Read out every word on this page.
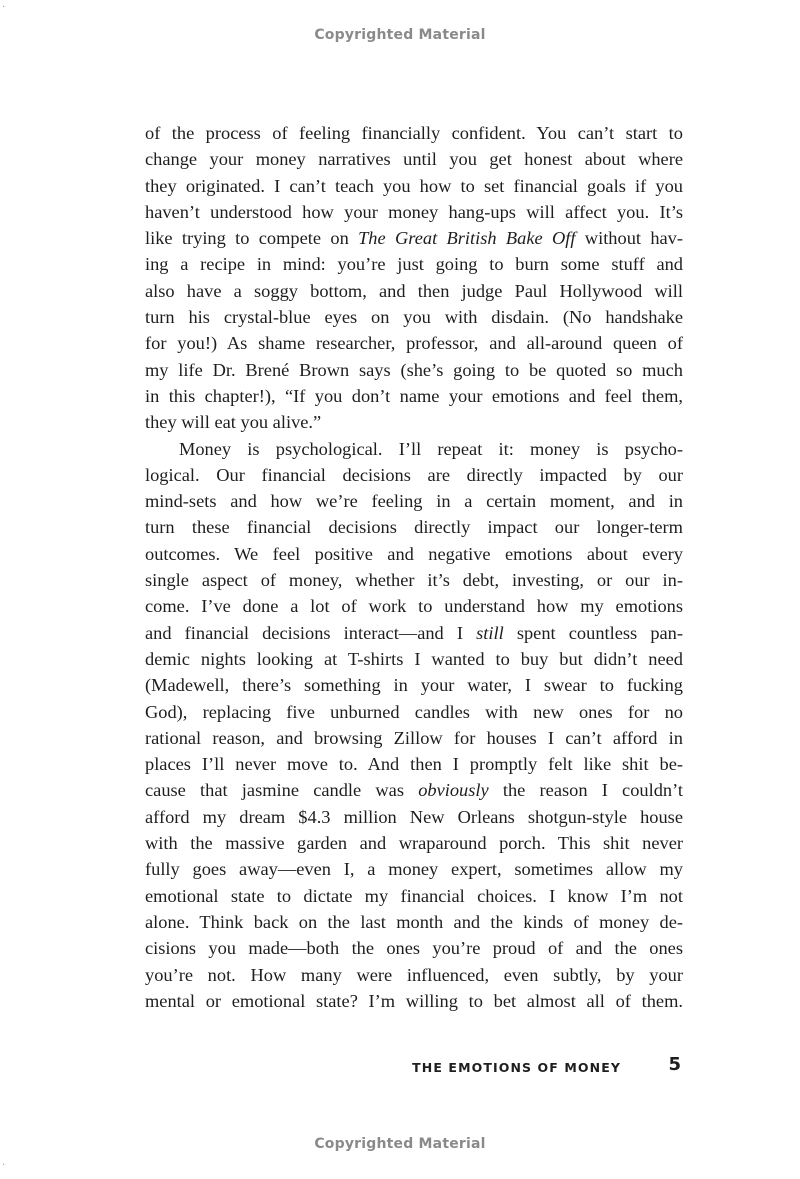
Copyrighted Material
·
·
of the process of feeling financially confident. You can’t start to
change your money narratives until you get honest about where
they originated. I can’t teach you how to set financial goals if you
haven’t understood how your money hang-ups will affect you. It’s
like trying to compete on The Great British Bake Off without hav-
ing a recipe in mind: you’re just going to burn some stuff and
also have a soggy bottom, and then judge Paul Hollywood will
turn his crystal-blue eyes on you with disdain. (No handshake
for you!) As shame researcher, professor, and all-around queen of
my life Dr. Brené Brown says (she’s going to be quoted so much
in this chapter!), “If you don’t name your emotions and feel them,
they will eat you alive.”
Money is psychological. I’ll repeat it: money is psycho-
logical. Our financial decisions are directly impacted by our
mind-sets and how we’re feeling in a certain moment, and in
turn these financial decisions directly impact our longer-term
outcomes. We feel positive and negative emotions about every
single aspect of money, whether it’s debt, investing, or our in-
come. I’ve done a lot of work to understand how my emotions
and financial decisions interact—and I still spent countless pan-
demic nights looking at T-shirts I wanted to buy but didn’t need
(Madewell, there’s something in your water, I swear to fucking
God), replacing five unburned candles with new ones for no
rational reason, and browsing Zillow for houses I can’t afford in
places I’ll never move to. And then I promptly felt like shit be-
cause that jasmine candle was obviously the reason I couldn’t
afford my dream $4.3 million New Orleans shotgun-style house
with the massive garden and wraparound porch. This shit never
fully goes away—even I, a money expert, sometimes allow my
emotional state to dictate my financial choices. I know I’m not
alone. Think back on the last month and the kinds of money de-
cisions you made—both the ones you’re proud of and the ones
you’re not. How many were influenced, even subtly, by your
mental or emotional state? I’m willing to bet almost all of them.
THE EMOTIONS OF MONEY	5
Copyrighted Material
